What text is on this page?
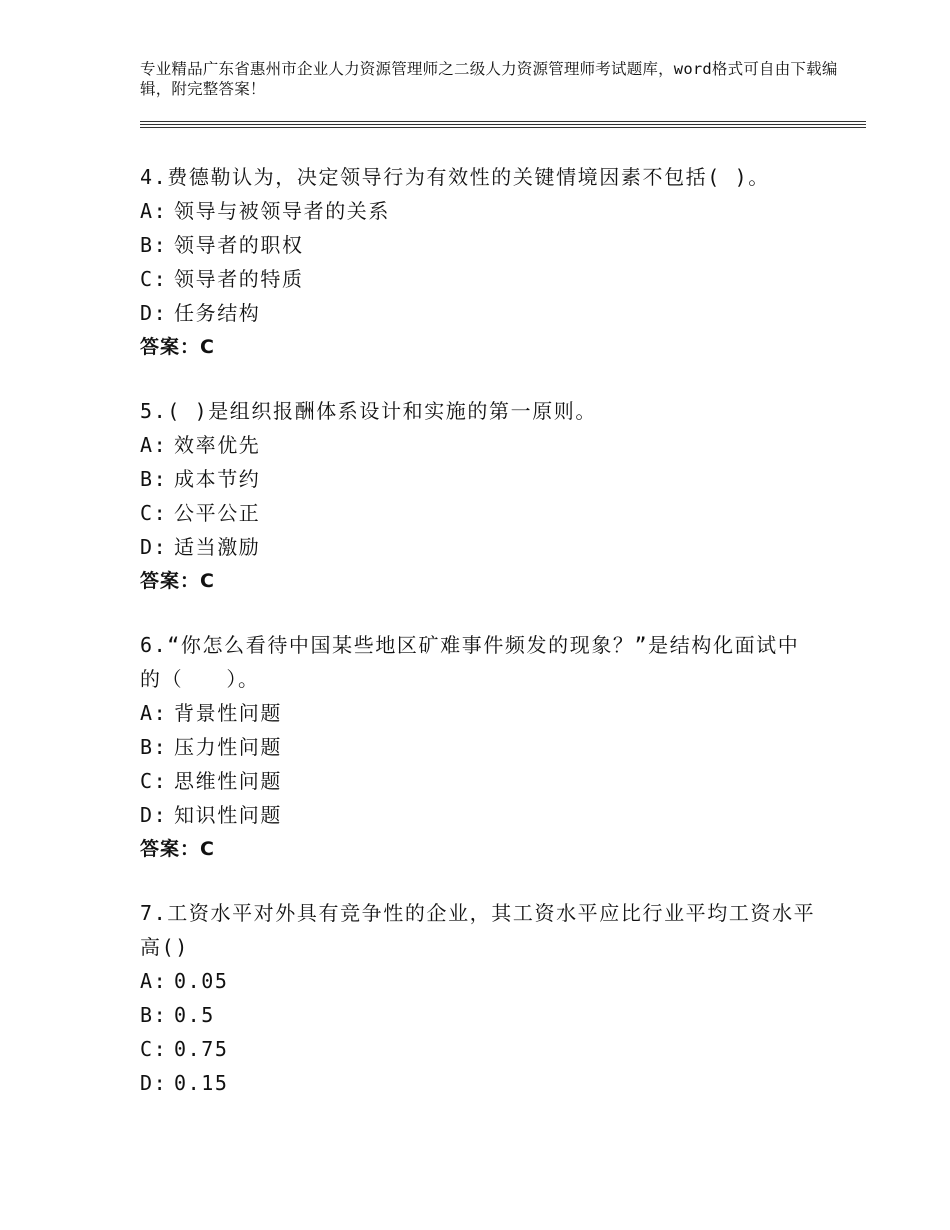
专业精品广东省惠州市企业人力资源管理师之二级人力资源管理师考试题库，word格式可自由下载编辑，附完整答案！
4.费德勒认为，决定领导行为有效性的关键情境因素不包括( )。
A: 领导与被领导者的关系
B: 领导者的职权
C: 领导者的特质
D: 任务结构
答案：C
5.( )是组织报酬体系设计和实施的第一原则。
A: 效率优先
B: 成本节约
C: 公平公正
D: 适当激励
答案：C
6.“你怎么看待中国某些地区矿难事件频发的现象？”是结构化面试中的（　　）。
A: 背景性问题
B: 压力性问题
C: 思维性问题
D: 知识性问题
答案：C
7.工资水平对外具有竞争性的企业，其工资水平应比行业平均工资水平高()
A: 0.05
B: 0.5
C: 0.75
D: 0.15
